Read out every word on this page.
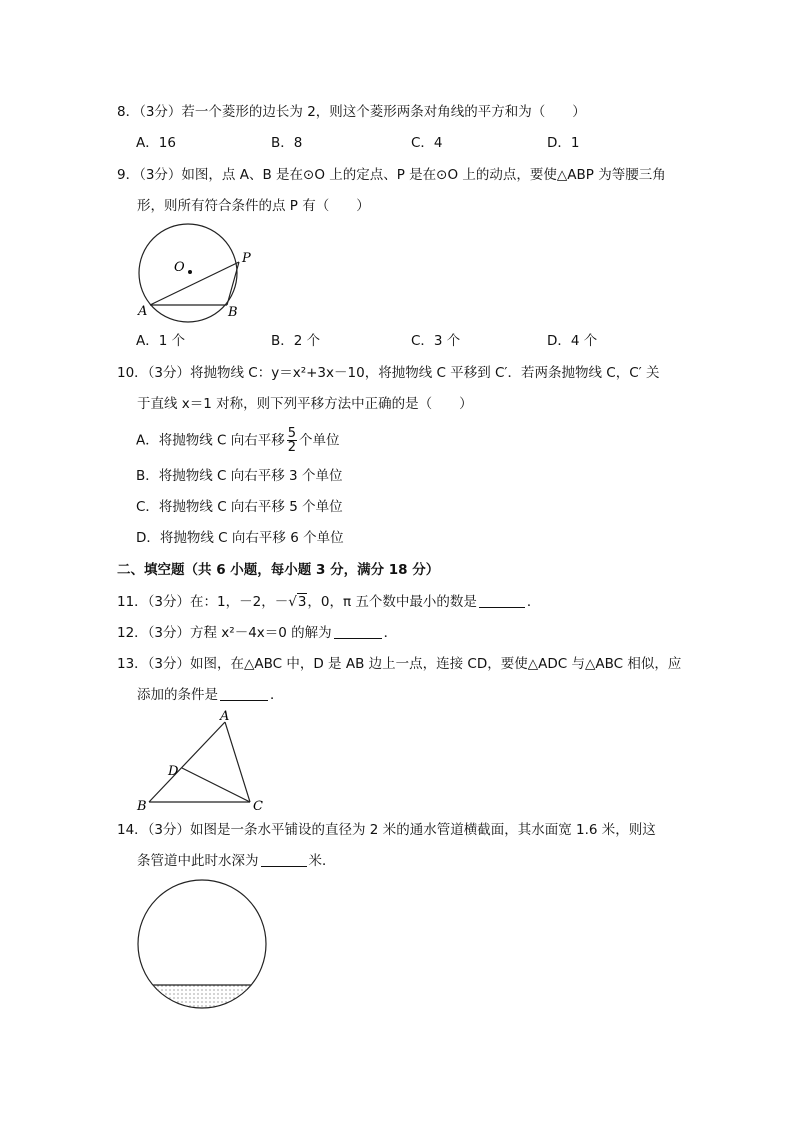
8．（3分）若一个菱形的边长为 2，则这个菱形两条对角线的平方和为（　　）
A．16	B．8	C．4	D．1
9．（3分）如图，点 A、B 是在⊙O 上的定点、P 是在⊙O 上的动点，要使△ABP 为等腰三角
形，则所有符合条件的点 P 有（　　）
O
P
A	B
A．1 个	B．2 个	C．3 个	D．4 个
10．（3分）将抛物线 C：y＝x²+3x－10，将抛物线 C 平移到 C′．若两条抛物线 C，C′ 关
于直线 x＝1 对称，则下列平移方法中正确的是（　　）
A．将抛物线 C 向右平移 $\frac{5}{2}$ 个单位
B．将抛物线 C 向右平移 3 个单位
C．将抛物线 C 向右平移 5 个单位
D．将抛物线 C 向右平移 6 个单位
二、填空题（共 6 小题，每小题 3 分，满分 18 分）
11．（3分）在：1，－2，－√3，0，π 五个数中最小的数是	．
12．（3分）方程 x²－4x＝0 的解为	．
13．（3分）如图，在△ABC 中，D 是 AB 边上一点，连接 CD，要使△ADC 与△ABC 相似，应
添加的条件是	．
A
D
B	C
14．（3分）如图是一条水平铺设的直径为 2 米的通水管道横截面，其水面宽 1.6 米，则这
条管道中此时水深为	米．
